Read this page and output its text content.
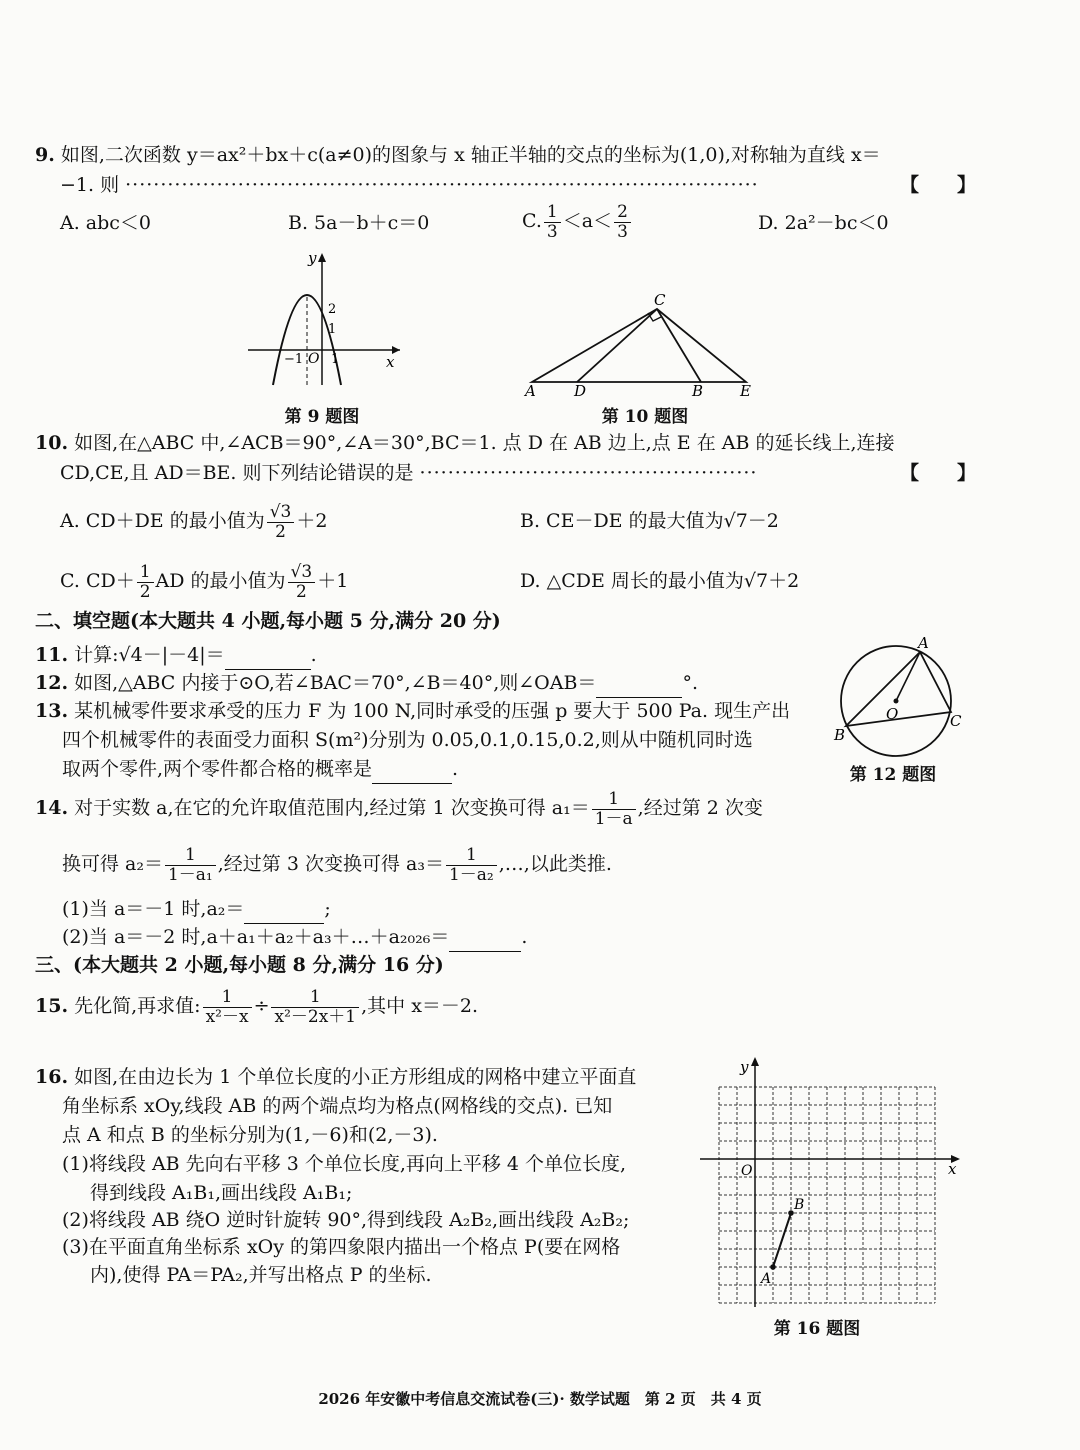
9. 如图,二次函数 y＝ax²＋bx＋c(a≠0)的图象与 x 轴正半轴的交点的坐标为(1,0),对称轴为直线 x＝
−1. 则 ··························································································	【　　】
A. abc＜0	B. 5a－b＋c＝0	C. $\frac{1}{3} <a< \frac{2}{3}$	D. 2a²－bc＜0
y
x
O
−1
2
1
1
第 9 题图
A	D	B E
C
第 10 题图
10. 如图,在△ABC 中,∠ACB＝90°,∠A＝30°,BC＝1. 点 D 在 AB 边上,点 E 在 AB 的延长线上,连接
CD,CE,且 AD＝BE. 则下列结论错误的是 ················································	【　　】
A. CD＋DE 的最小值为 $\frac{√3}{2} +2$	B. CE－DE 的最大值为√7－2
C. $CD+ \frac{1}{2}$ AD 的最小值为 $\frac{√3}{2} +1$	D. △CDE 周长的最小值为√7＋2
二、填空题(本大题共 4 小题,每小题 5 分,满分 20 分)
11. 计算:√4－|－4|＝	.
12. 如图,△ABC 内接于⊙O,若∠BAC＝70°,∠B＝40°,则∠OAB＝	°.
A
O
B
C
第 12 题图
13. 某机械零件要求承受的压力 F 为 100 N,同时承受的压强 p 要大于 500 Pa. 现生产出
四个机械零件的表面受力面积 S(m²)分别为 0.05,0.1,0.15,0.2,则从中随机同时选
取两个零件,两个零件都合格的概率是	.
14. 对于实数 a,在它的允许取值范围内,经过第 1 次变换可得 $a_1= \frac{1}{1-a}$ ,经过第 2 次变
换可得 $a_2= \frac{1}{\text{1－a₁}}$ ,经过第 3 次变换可得 $a_3= \frac{1}{\text{1－a₂}}$ ,…,以此类推.
(1)当 a＝－1 时,a₂＝	;
(2)当 a＝－2 时,a＋a₁＋a₂＋a₃＋…＋a₂₀₂₆＝	.
三、(本大题共 2 小题,每小题 8 分,满分 16 分)
15. 先化简,再求值: $\frac{1}{\text{x²－x}} \div \frac{1}{\text{x²－2x＋1}}$ ,其中 x＝－2.
16. 如图,在由边长为 1 个单位长度的小正方形组成的网格中建立平面直
角坐标系 xOy,线段 AB 的两个端点均为格点(网格线的交点). 已知
点 A 和点 B 的坐标分别为(1,－6)和(2,－3).
(1)将线段 AB 先向右平移 3 个单位长度,再向上平移 4 个单位长度,
得到线段 A₁B₁,画出线段 A₁B₁;
(2)将线段 AB 绕O 逆时针旋转 90°,得到线段 A₂B₂,画出线段 A₂B₂;
(3)在平面直角坐标系 xOy 的第四象限内描出一个格点 P(要在网格
内),使得 PA＝PA₂,并写出格点 P 的坐标.
y
x
O
B
A
第 16 题图
2026 年安徽中考信息交流试卷(三)· 数学试题　第 2 页　共 4 页
